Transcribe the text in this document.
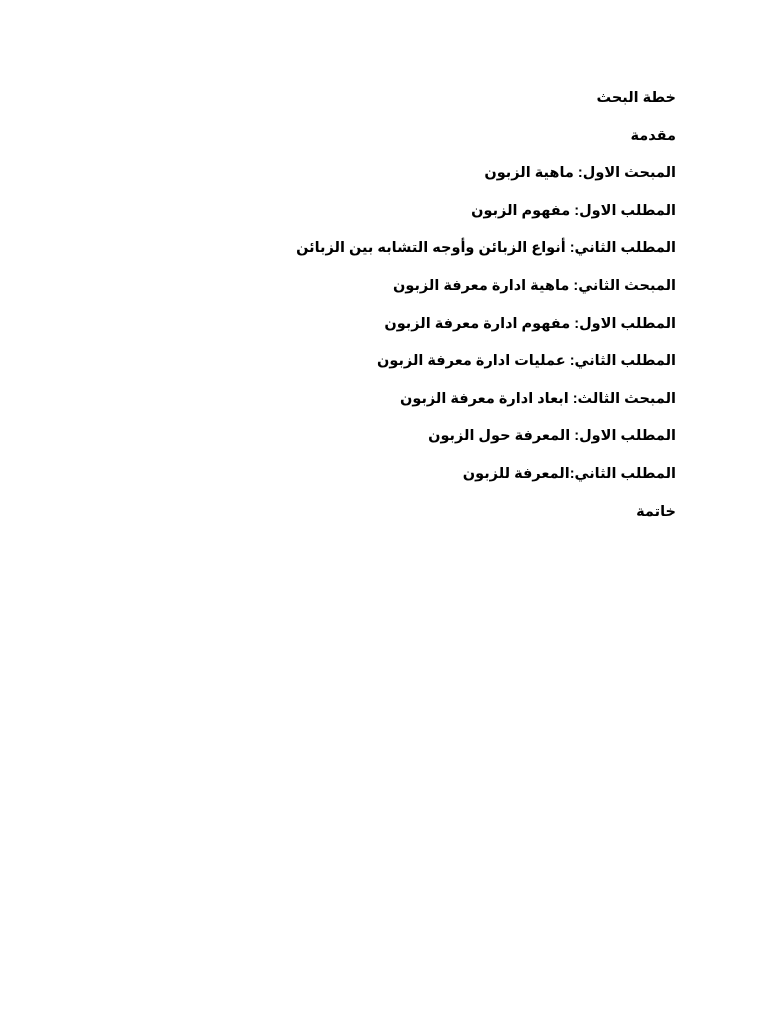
خطة البحث
مقدمة
المبحث الاول: ماهية الزبون
المطلب الاول: مفهوم الزبون
المطلب الثاني: أنواع الزبائن وأوجه التشابه بين الزبائن
المبحث الثاني: ماهية ادارة معرفة الزبون
المطلب الاول: مفهوم ادارة معرفة الزبون
المطلب الثاني: عمليات ادارة معرفة الزبون
المبحث الثالث: ابعاد ادارة معرفة الزبون
المطلب الاول: المعرفة حول الزبون
المطلب الثاني:المعرفة للزبون
خاتمة
